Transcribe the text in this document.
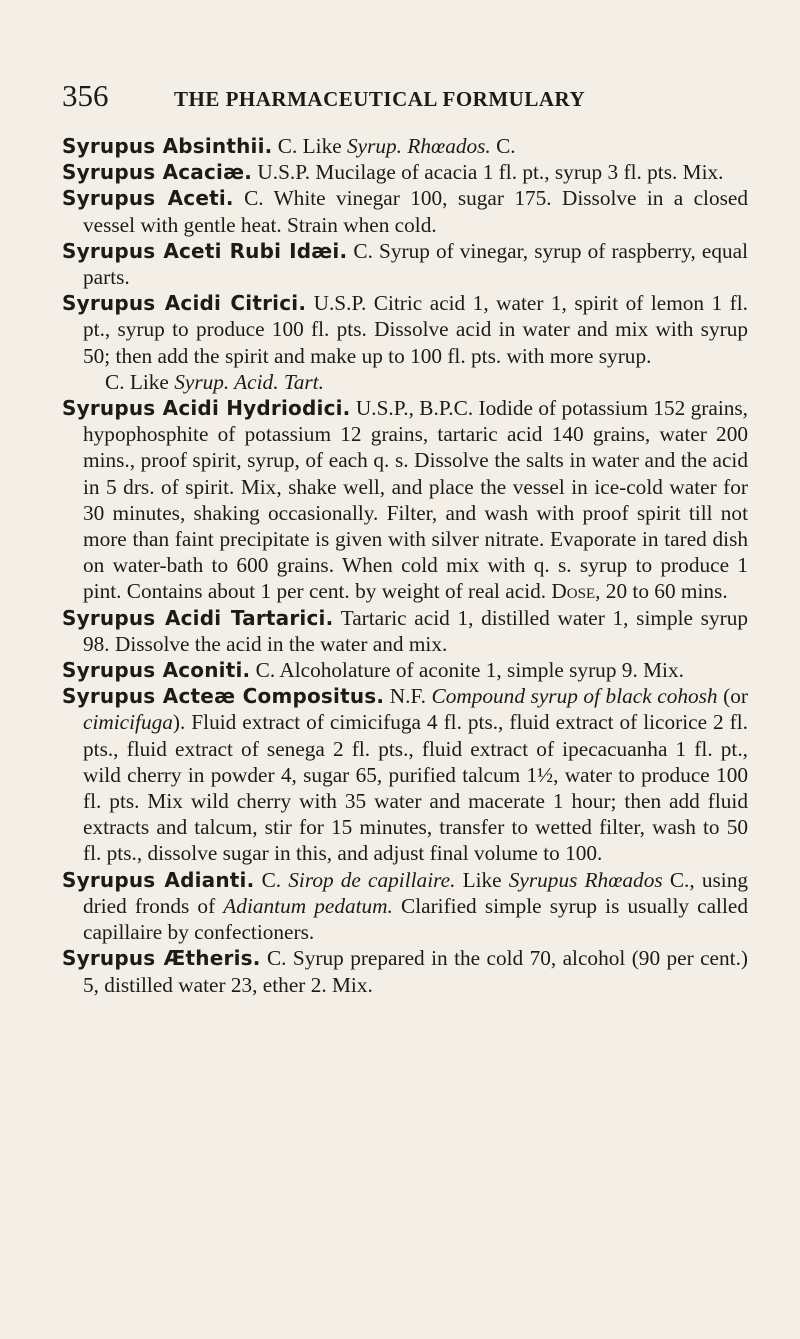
356	THE PHARMACEUTICAL FORMULARY

Syrupus Absinthii. C. Like Syrup. Rhœados. C.

Syrupus Acaciæ. U.S.P. Mucilage of acacia 1 fl. pt., syrup 3 fl. pts. Mix.

Syrupus Aceti. C. White vinegar 100, sugar 175. Dissolve in a closed vessel with gentle heat. Strain when cold.

Syrupus Aceti Rubi Idæi. C. Syrup of vinegar, syrup of raspberry, equal parts.

Syrupus Acidi Citrici. U.S.P. Citric acid 1, water 1, spirit of lemon 1 fl. pt., syrup to produce 100 fl. pts. Dissolve acid in water and mix with syrup 50; then add the spirit and make up to 100 fl. pts. with more syrup.
C. Like Syrup. Acid. Tart.

Syrupus Acidi Hydriodici. U.S.P., B.P.C. Iodide of potassium 152 grains, hypophosphite of potassium 12 grains, tartaric acid 140 grains, water 200 mins., proof spirit, syrup, of each q. s. Dissolve the salts in water and the acid in 5 drs. of spirit. Mix, shake well, and place the vessel in ice-cold water for 30 minutes, shaking occasionally. Filter, and wash with proof spirit till not more than faint precipitate is given with silver nitrate. Evaporate in tared dish on water-bath to 600 grains. When cold mix with q. s. syrup to produce 1 pint. Contains about 1 per cent. by weight of real acid. Dose, 20 to 60 mins.

Syrupus Acidi Tartarici. Tartaric acid 1, distilled water 1, simple syrup 98. Dissolve the acid in the water and mix.

Syrupus Aconiti. C. Alcoholature of aconite 1, simple syrup 9. Mix.

Syrupus Acteæ Compositus. N.F. Compound syrup of black cohosh (or cimicifuga). Fluid extract of cimicifuga 4 fl. pts., fluid extract of licorice 2 fl. pts., fluid extract of senega 2 fl. pts., fluid extract of ipecacuanha 1 fl. pt., wild cherry in powder 4, sugar 65, purified talcum 1½, water to produce 100 fl. pts. Mix wild cherry with 35 water and macerate 1 hour; then add fluid extracts and talcum, stir for 15 minutes, transfer to wetted filter, wash to 50 fl. pts., dissolve sugar in this, and adjust final volume to 100.

Syrupus Adianti. C. Sirop de capillaire. Like Syrupus Rhœados C., using dried fronds of Adiantum pedatum. Clarified simple syrup is usually called capillaire by confectioners.

Syrupus Ætheris. C. Syrup prepared in the cold 70, alcohol (90 per cent.) 5, distilled water 23, ether 2. Mix.
